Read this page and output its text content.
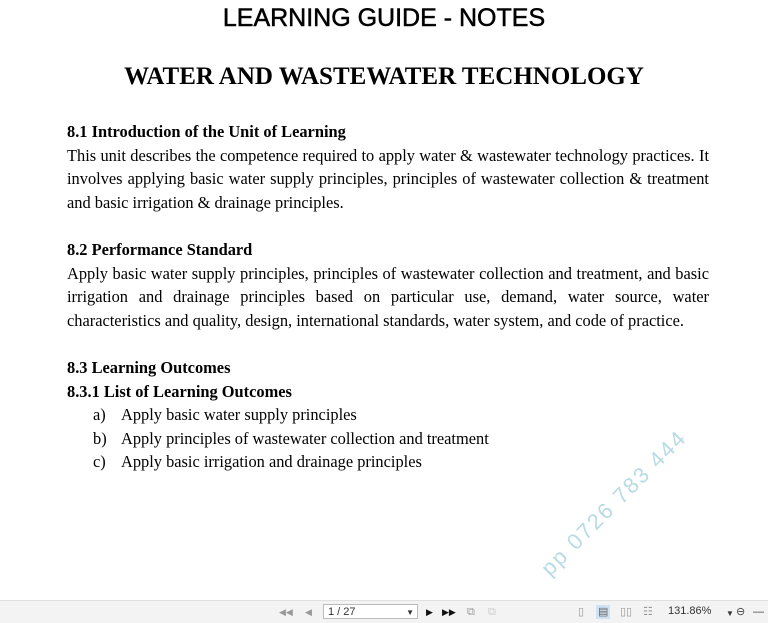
LEARNING GUIDE - NOTES
WATER AND WASTEWATER TECHNOLOGY
8.1 Introduction of the Unit of Learning

This unit describes the competence required to apply water & wastewater technology practices. It involves applying basic water supply principles, principles of wastewater collection & treatment and basic irrigation & drainage principles.

8.2 Performance Standard

Apply basic water supply principles, principles of wastewater collection and treatment, and basic irrigation and drainage principles based on particular use, demand, water source, water characteristics and quality, design, international standards, water system, and code of practice.

8.3 Learning Outcomes
8.3.1 List of Learning Outcomes
a) Apply basic water supply principles
b) Apply principles of wastewater collection and treatment
c) Apply basic irrigation and drainage principles	pp 0726 783 444
◀◀ ◀	1 / 27	▼ ▶ ▶▶ ⧉ ⧉	▯ ▤ ▯▯ ☷ 131.86% ▼ ⊖ —
